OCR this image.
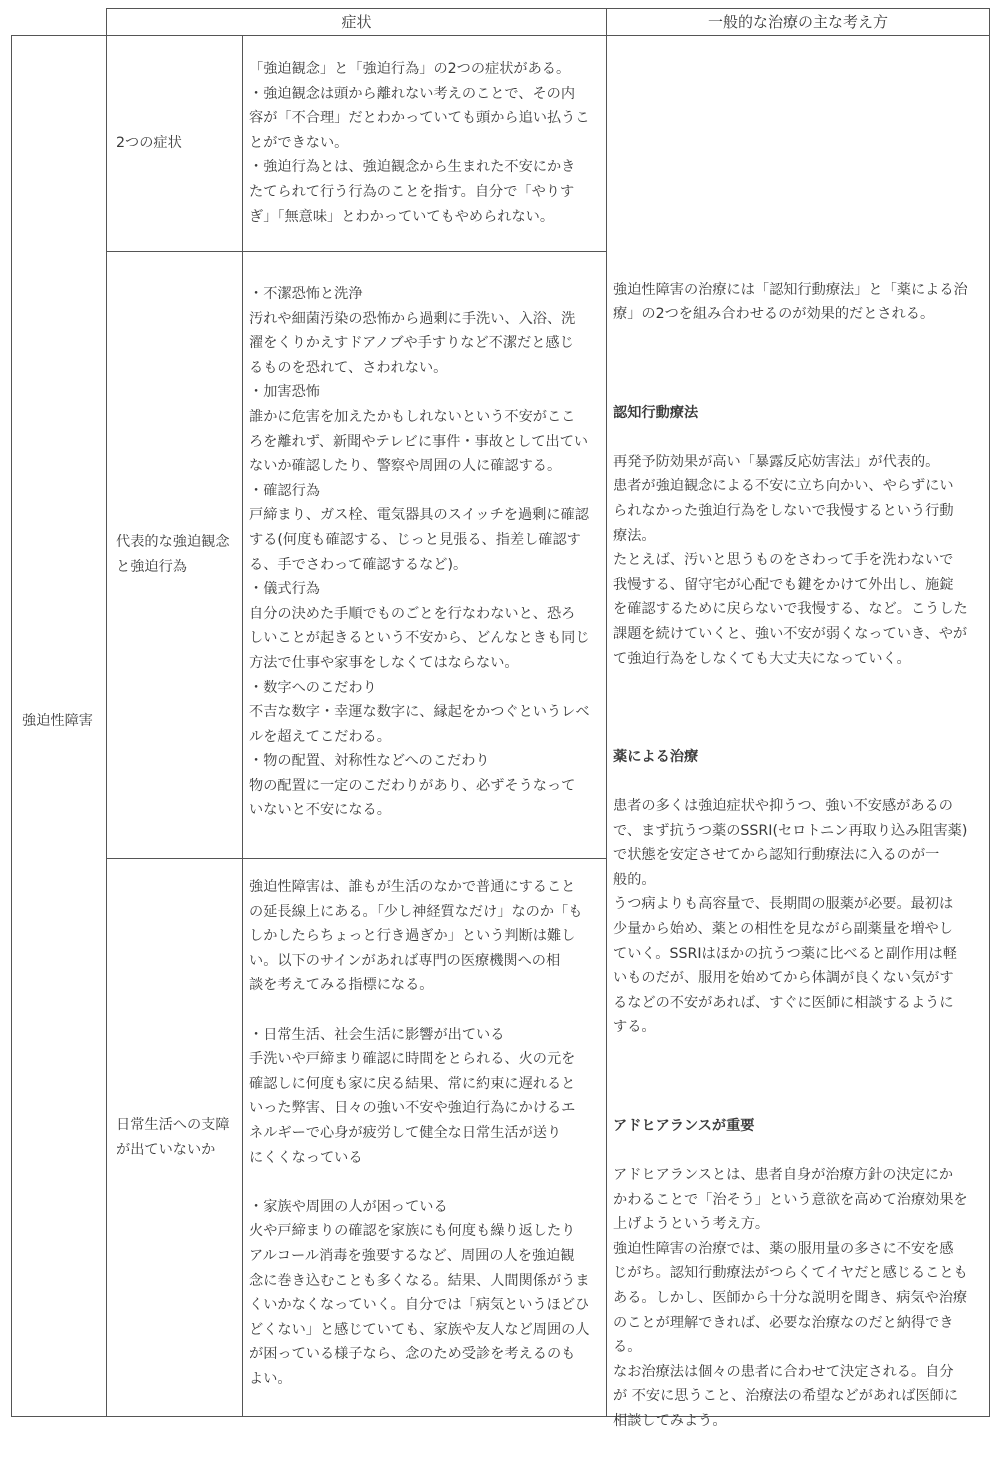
症状	一般的な治療の主な考え方
強迫性障害
2つの症状
「強迫観念」と「強迫行為」の2つの症状がある。
・強迫観念は頭から離れない考えのことで、その内
容が「不合理」だとわかっていても頭から追い払うこ
とができない。
・強迫行為とは、強迫観念から生まれた不安にかき
たてられて行う行為のことを指す。自分で「やりす
ぎ」「無意味」とわかっていてもやめられない。
代表的な強迫観念
と強迫行為
・不潔恐怖と洗浄
汚れや細菌汚染の恐怖から過剰に手洗い、入浴、洗
濯をくりかえすドアノブや手すりなど不潔だと感じ
るものを恐れて、さわれない。
・加害恐怖
誰かに危害を加えたかもしれないという不安がここ
ろを離れず、新聞やテレビに事件・事故として出てい
ないか確認したり、警察や周囲の人に確認する。
・確認行為
戸締まり、ガス栓、電気器具のスイッチを過剰に確認
する(何度も確認する、じっと見張る、指差し確認す
る、手でさわって確認するなど)。
・儀式行為
自分の決めた手順でものごとを行なわないと、恐ろ
しいことが起きるという不安から、どんなときも同じ
方法で仕事や家事をしなくてはならない。
・数字へのこだわり
不吉な数字・幸運な数字に、縁起をかつぐというレベ
ルを超えてこだわる。
・物の配置、対称性などへのこだわり
物の配置に一定のこだわりがあり、必ずそうなって
いないと不安になる。
日常生活への支障
が出ていないか
強迫性障害は、誰もが生活のなかで普通にすること
の延長線上にある。「少し神経質なだけ」なのか「も
しかしたらちょっと行き過ぎか」という判断は難し
い。以下のサインがあれば専門の医療機関への相
談を考えてみる指標になる。

・日常生活、社会生活に影響が出ている
手洗いや戸締まり確認に時間をとられる、火の元を
確認しに何度も家に戻る結果、常に約束に遅れると
いった弊害、日々の強い不安や強迫行為にかけるエ
ネルギーで心身が疲労して健全な日常生活が送り
にくくなっている

・家族や周囲の人が困っている
火や戸締まりの確認を家族にも何度も繰り返したり
アルコール消毒を強要するなど、周囲の人を強迫観
念に巻き込むことも多くなる。結果、人間関係がうま
くいかなくなっていく。自分では「病気というほどひ
どくない」と感じていても、家族や友人など周囲の人
が困っている様子なら、念のため受診を考えるのも
よい。

強迫性障害の治療には「認知行動療法」と「薬による治
療」の2つを組み合わせるのが効果的だとされる。

認知行動療法

再発予防効果が高い「暴露反応妨害法」が代表的。
患者が強迫観念による不安に立ち向かい、やらずにい
られなかった強迫行為をしないで我慢するという行動
療法。
たとえば、汚いと思うものをさわって手を洗わないで
我慢する、留守宅が心配でも鍵をかけて外出し、施錠
を確認するために戻らないで我慢する、など。こうした
課題を続けていくと、強い不安が弱くなっていき、やが
て強迫行為をしなくても大丈夫になっていく。

薬による治療

患者の多くは強迫症状や抑うつ、強い不安感があるの
で、まず抗うつ薬のSSRI(セロトニン再取り込み阻害薬)
で状態を安定させてから認知行動療法に入るのが一
般的。
うつ病よりも高容量で、長期間の服薬が必要。最初は
少量から始め、薬との相性を見ながら副薬量を増やし
ていく。SSRIはほかの抗うつ薬に比べると副作用は軽
いものだが、服用を始めてから体調が良くない気がす
るなどの不安があれば、すぐに医師に相談するように
する。

アドヒアランスが重要

アドヒアランスとは、患者自身が治療方針の決定にか
かわることで「治そう」という意欲を高めて治療効果を
上げようという考え方。
強迫性障害の治療では、薬の服用量の多さに不安を感
じがち。認知行動療法がつらくてイヤだと感じることも
ある。しかし、医師から十分な説明を聞き、病気や治療
のことが理解できれば、必要な治療なのだと納得でき
る。
なお治療法は個々の患者に合わせて決定される。自分
が 不安に思うこと、治療法の希望などがあれば医師に
相談してみよう。
